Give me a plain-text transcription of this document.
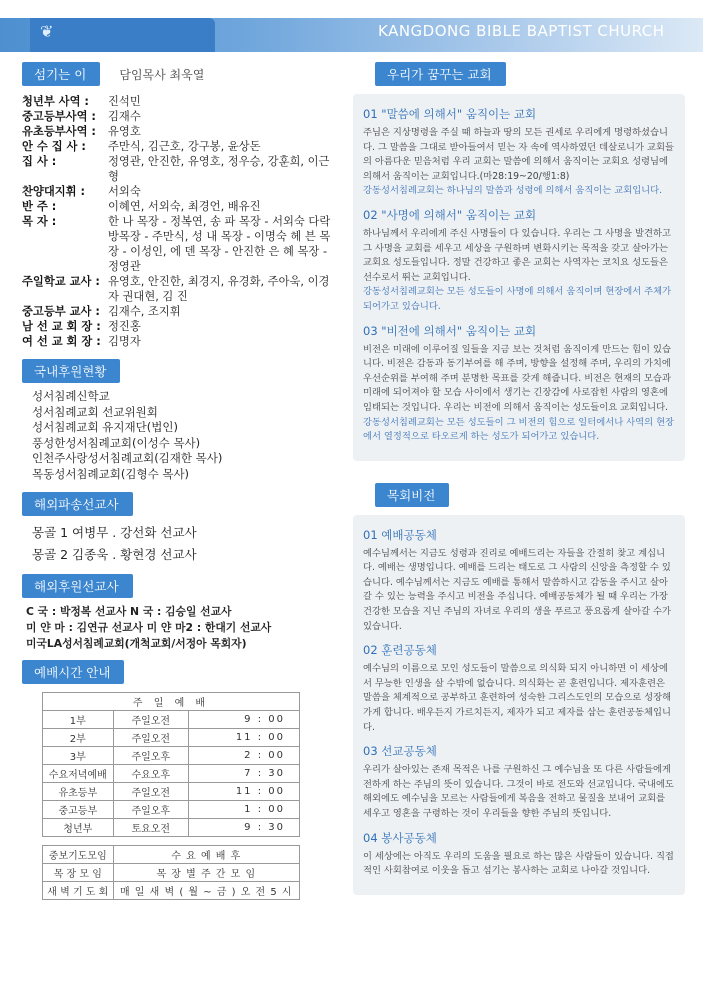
❦	KANGDONG BIBLE BAPTIST CHURCH
섬기는 이	담임목사 최욱열
청년부 사역 :	진석민
중고등부사역 :	김재수
유초등부사역 :	유영호
안 수 집 사 :	주만식, 김근호, 강구봉, 윤상돈
집 사 :	정영관, 안진한, 유영호, 정우승, 강훈희, 이근형
찬양대지휘 :	서외숙
반 주 :	이혜연, 서외숙, 최경언, 배유진
목 자 :	한 나 목장 - 정복연, 송 파 목장 - 서외숙 다락방목장 - 주만식, 성 내 목장 - 이명숙 헤 븐 목장 - 이성인, 에 덴 목장 - 안진한 은 혜 목장 - 정영관
주일학교 교사 : 유영호, 안진한, 최경지, 유경화, 주아욱, 이경자 권대현, 김 진
중고등부 교사 : 김재수, 조지휘
남 선 교 회 장 : 정진홍
여 선 교 회 장 : 김명자
국내후원현황
성서침례신학교
성서침례교회 선교위원회
성서침례교회 유지재단(법인)
풍성한성서침례교회(이성수 목사)
인천주사랑성서침례교회(김재한 목사)
목동성서침례교회(김형수 목사)
해외파송선교사
몽골 1 여병무 . 강선화 선교사
몽골 2 김종욱 . 황현경 선교사
해외후원선교사
C 국 : 박정복 선교사 N 국 : 김승일 선교사
미 얀 마 : 김연규 선교사 미 얀 마2 : 한대기 선교사
미국LA성서침례교회(개척교회/서정아 목회자)
예배시간 안내
주 일 예 배		
1부	주일오전	9 : 00
2부	주일오전	11 : 00
3부	주일오후	2 : 00
수요저녁예배	수요오후	7 : 30
유초등부	주일오전	11 : 00
중고등부	주일오후	1 : 00
청년부	토요오전	9 : 30

중보기도모임	수 요 예 배 후	
목 장 모 임	목 장 별 주 간 모 임	
새 벽 기 도 회	매 일 새 벽 ( 월 ~ 금 ) 오 전 5 시	
우리가 꿈꾸는 교회
01 "말씀에 의해서" 움직이는 교회
주님은 지상명령을 주실 때 하늘과 땅의 모든 권세로 우리에게 명령하셨습니다. 그 말씀을 그대로 받아들여서 믿는 자 속에 역사하였던 데살로니가 교회들의 아름다운 믿음처럼 우리 교회는 말씀에 의해서 움직이는 교회요 성령님에 의해서 움직이는 교회입니다.(마28:19~20/행1:8)
강동성서침례교회는 하나님의 말씀과 성령에 의해서 움직이는 교회입니다.
02 "사명에 의해서" 움직이는 교회
하나님께서 우리에게 주신 사명들이 다 있습니다. 우리는 그 사명을 발견하고 그 사명을 교회를 세우고 세상을 구원하며 변화시키는 목적을 갖고 살아가는 교회요 성도들입니다. 정말 건강하고 좋은 교회는 사역자는 코치요 성도들은 선수로서 뛰는 교회입니다.
강동성서침례교회는 모든 성도들이 사명에 의해서 움직이며 현장에서 주체가 되어가고 있습니다.
03 "비전에 의해서" 움직이는 교회
비전은 미래에 이루어질 일들을 지금 보는 것처럼 움직이게 만드는 힘이 있습니다. 비전은 감동과 동기부여를 해 주며, 방향을 설정해 주며, 우리의 가치에 우선순위를 부여해 주며 분명한 목표를 갖게 해줍니다. 비전은 현재의 모습과 미래에 되어져야 할 모습 사이에서 생기는 긴장감에 사로잡힌 사람의 영혼에 임태되는 것입니다. 우리는 비전에 의해서 움직이는 성도들이요 교회입니다.
강동성서침례교회는 모든 성도들이 그 비전의 힘으로 일터에서나 사역의 현장에서 열정적으로 타오르게 하는 성도가 되어가고 있습니다.
목회비전
01 예배공동체
예수님께서는 지금도 성령과 진리로 예배드리는 자들을 간절히 찾고 계십니다. 예배는 생명입니다. 예배를 드리는 태도로 그 사람의 신앙을 측정할 수 있습니다. 예수님께서는 지금도 예배를 통해서 말씀하시고 감동을 주시고 살아갈 수 있는 능력을 주시고 비전을 주십니다. 예배공동체가 될 때 우리는 가장 건강한 모습을 지닌 주님의 자녀로 우리의 생을 푸르고 풍요롭게 살아갈 수가 있습니다.
02 훈련공동체
예수님의 이름으로 모인 성도들이 말씀으로 의식화 되지 아니하면 이 세상에서 무능한 인생을 살 수밖에 없습니다. 의식화는 곧 훈련입니다. 제자훈련은 말씀을 체계적으로 공부하고 훈련하여 성숙한 그리스도인의 모습으로 성장해 가게 합니다. 배우든지 가르치든지, 제자가 되고 제자를 삼는 훈련공동체입니다.
03 선교공동체
우리가 살아있는 존재 목적은 나를 구원하신 그 예수님을 또 다른 사람들에게 전하게 하는 주님의 뜻이 있습니다. 그것이 바로 전도와 선교입니다. 국내에도 해외에도 예수님을 모르는 사람들에게 복음을 전하고 물질을 보내어 교회를 세우고 영혼을 구령하는 것이 우리들을 향한 주님의 뜻입니다.
04 봉사공동체
이 세상에는 아직도 우리의 도움을 필요로 하는 많은 사람들이 있습니다. 직접적인 사회참여로 이웃을 돕고 섬기는 봉사하는 교회로 나아갈 것입니다.
